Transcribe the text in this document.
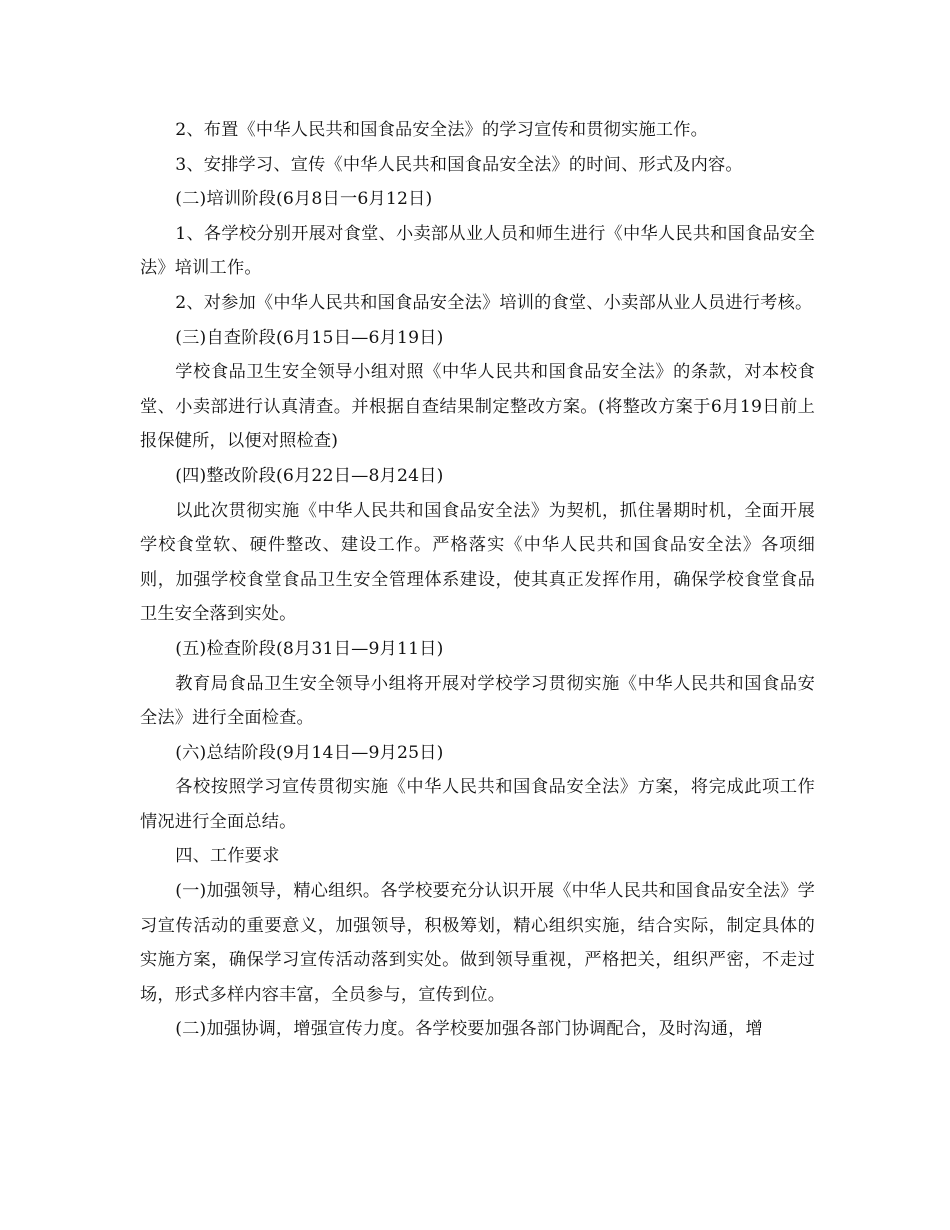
2、布置《中华人民共和国食品安全法》的学习宣传和贯彻实施工作。

3、安排学习、宣传《中华人民共和国食品安全法》的时间、形式及内容。

(二)培训阶段(6月8日一6月12日)

1、各学校分别开展对食堂、小卖部从业人员和师生进行《中华人民共和国食品安全法》培训工作。

2、对参加《中华人民共和国食品安全法》培训的食堂、小卖部从业人员进行考核。

(三)自查阶段(6月15日—6月19日)

学校食品卫生安全领导小组对照《中华人民共和国食品安全法》的条款，对本校食堂、小卖部进行认真清查。并根据自查结果制定整改方案。(将整改方案于6月19日前上报保健所，以便对照检查)

(四)整改阶段(6月22日—8月24日)

以此次贯彻实施《中华人民共和国食品安全法》为契机，抓住暑期时机，全面开展学校食堂软、硬件整改、建设工作。严格落实《中华人民共和国食品安全法》各项细则，加强学校食堂食品卫生安全管理体系建设，使其真正发挥作用，确保学校食堂食品卫生安全落到实处。

(五)检查阶段(8月31日—9月11日)

教育局食品卫生安全领导小组将开展对学校学习贯彻实施《中华人民共和国食品安全法》进行全面检查。

(六)总结阶段(9月14日—9月25日)

各校按照学习宣传贯彻实施《中华人民共和国食品安全法》方案，将完成此项工作情况进行全面总结。

四、工作要求

(一)加强领导，精心组织。各学校要充分认识开展《中华人民共和国食品安全法》学习宣传活动的重要意义，加强领导，积极筹划，精心组织实施，结合实际，制定具体的实施方案，确保学习宣传活动落到实处。做到领导重视，严格把关，组织严密，不走过场，形式多样内容丰富，全员参与，宣传到位。

(二)加强协调，增强宣传力度。各学校要加强各部门协调配合，及时沟通，增
